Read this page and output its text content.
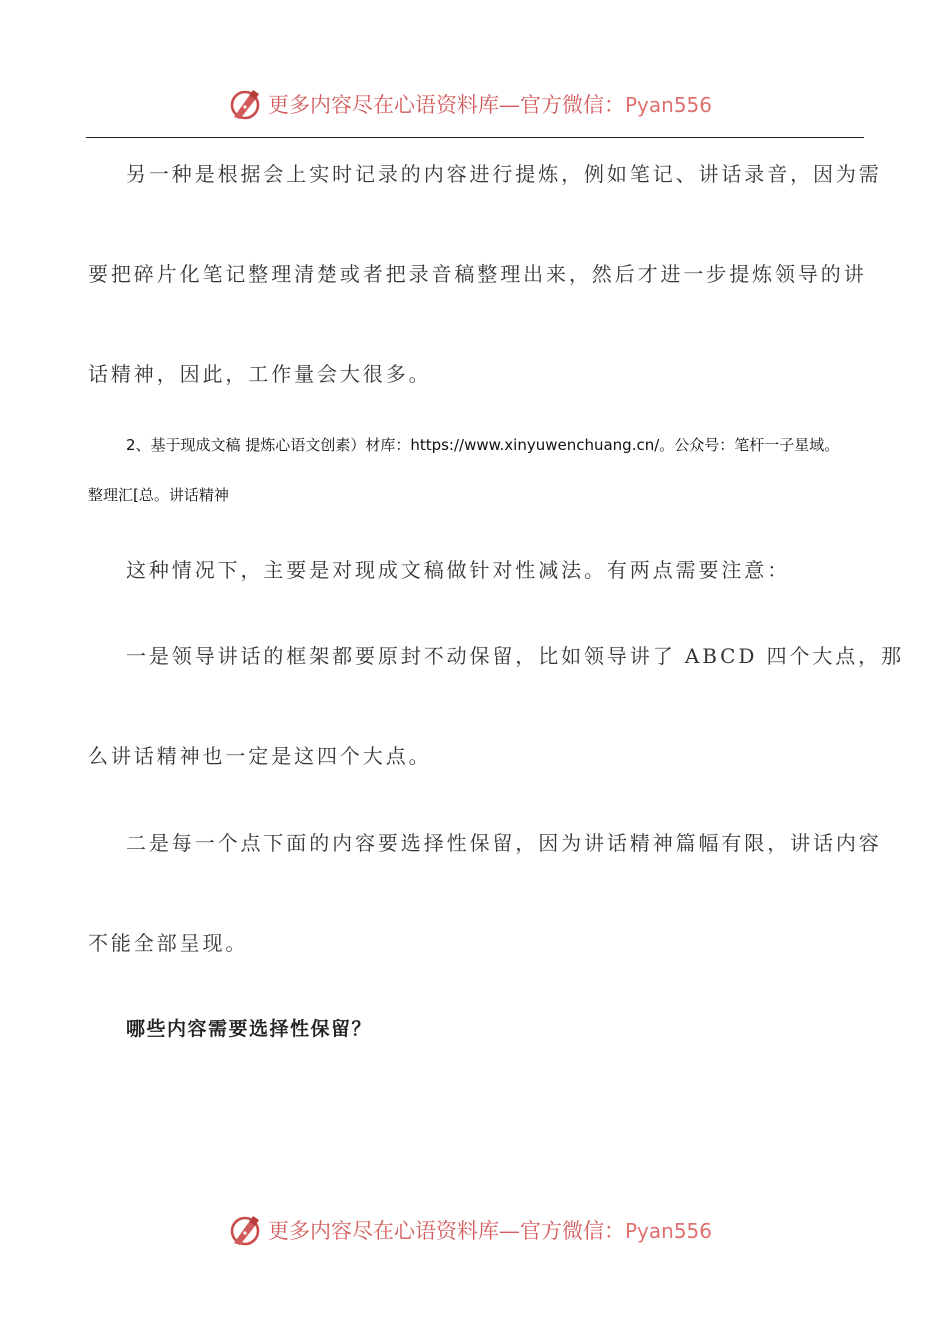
更多内容尽在心语资料库—官方微信：Pyan556
另一种是根据会上实时记录的内容进行提炼，例如笔记、讲话录音，因为需
要把碎片化笔记整理清楚或者把录音稿整理出来，然后才进一步提炼领导的讲
话精神，因此，工作量会大很多。
2、基于现成文稿 提炼心语文创素）材库：https://www.xinyuwenchuang.cn/。公众号：笔杆一子星域。
整理汇[总。讲话精神
这种情况下，主要是对现成文稿做针对性减法。有两点需要注意：
一是领导讲话的框架都要原封不动保留，比如领导讲了 ABCD 四个大点，那
么讲话精神也一定是这四个大点。
二是每一个点下面的内容要选择性保留，因为讲话精神篇幅有限，讲话内容
不能全部呈现。
哪些内容需要选择性保留？
更多内容尽在心语资料库—官方微信：Pyan556
